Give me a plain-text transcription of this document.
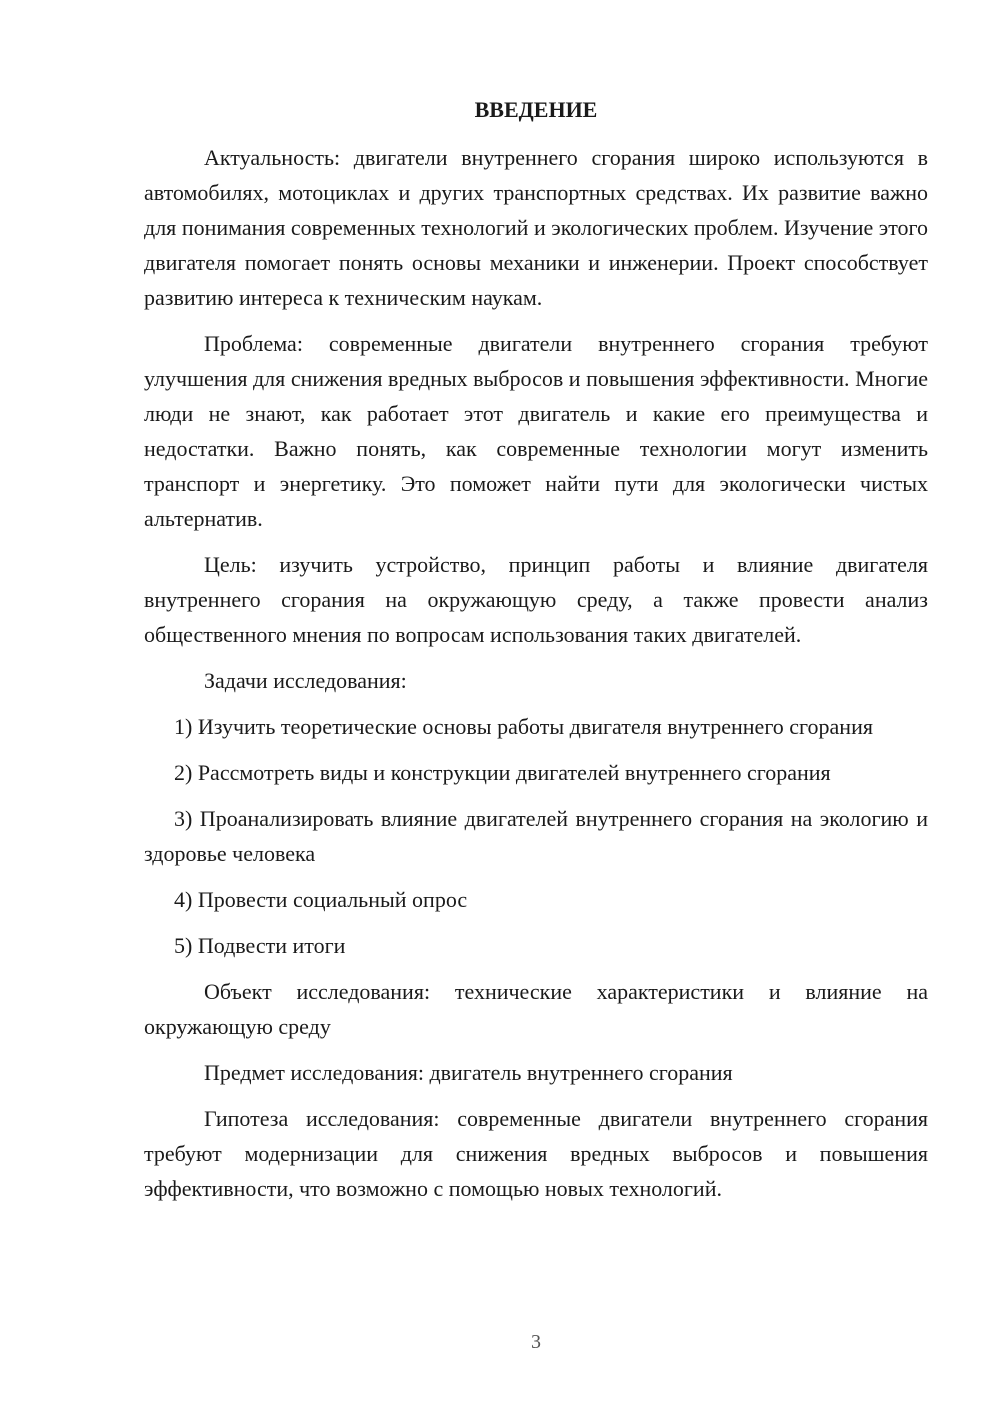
ВВЕДЕНИЕ

Актуальность: двигатели внутреннего сгорания широко используются в автомобилях, мотоциклах и других транспортных средствах. Их развитие важно для понимания современных технологий и экологических проблем. Изучение этого двигателя помогает понять основы механики и инженерии. Проект способствует развитию интереса к техническим наукам.

Проблема: современные двигатели внутреннего сгорания требуют улучшения для снижения вредных выбросов и повышения эффективности. Многие люди не знают, как работает этот двигатель и какие его преимущества и недостатки. Важно понять, как современные технологии могут изменить транспорт и энергетику. Это поможет найти пути для экологически чистых альтернатив.

Цель: изучить устройство, принцип работы и влияние двигателя внутреннего сгорания на окружающую среду, а также провести анализ общественного мнения по вопросам использования таких двигателей.

Задачи исследования:

1) Изучить теоретические основы работы двигателя внутреннего сгорания

2) Рассмотреть виды и конструкции двигателей внутреннего сгорания

3) Проанализировать влияние двигателей внутреннего сгорания на экологию и здоровье человека

4) Провести социальный опрос

5) Подвести итоги

Объект исследования: технические характеристики и влияние на окружающую среду

Предмет исследования: двигатель внутреннего сгорания

Гипотеза исследования: современные двигатели внутреннего сгорания требуют модернизации для снижения вредных выбросов и повышения эффективности, что возможно с помощью новых технологий.

3
